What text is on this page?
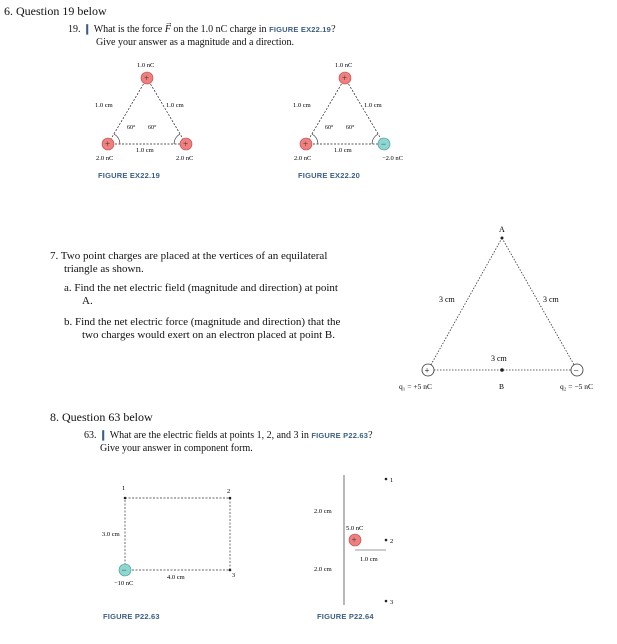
6. Question 19 below
19. ❙ What is the force F
→
on the 1.0 nC charge in FIGURE EX22.19?
Give your answer as a magnitude and a direction.
1.0 nC
1.0 cm	1.0 cm
60° 60°
1.0 cm
+
+	+
2.0 nC	2.0 nC
FIGURE EX22.19
1.0 nC
1.0 cm	1.0 cm
60° 60°
1.0 cm
+
+	−
2.0 nC	−2.0 nC
FIGURE EX22.20
7. Two point charges are placed at the vertices of an equilateral
triangle as shown.
a. Find the net electric field (magnitude and direction) at point
A.
b. Find the net electric force (magnitude and direction) that the
two charges would exert on an electron placed at point B.
A
3 cm	3 cm
3 cm
+	−
q₁ = +5 nC	B	q₂ = −5 nC
8. Question 63 below
63. ❙ What are the electric fields at points 1, 2, and 3 in FIGURE P22.63?
Give your answer in component form.
1	2
3
3.0 cm
4.0 cm
−
−10 nC
FIGURE P22.63
1
2.0 cm
5.0 nC
+	2
1.0 cm
2.0 cm
3
FIGURE P22.64
